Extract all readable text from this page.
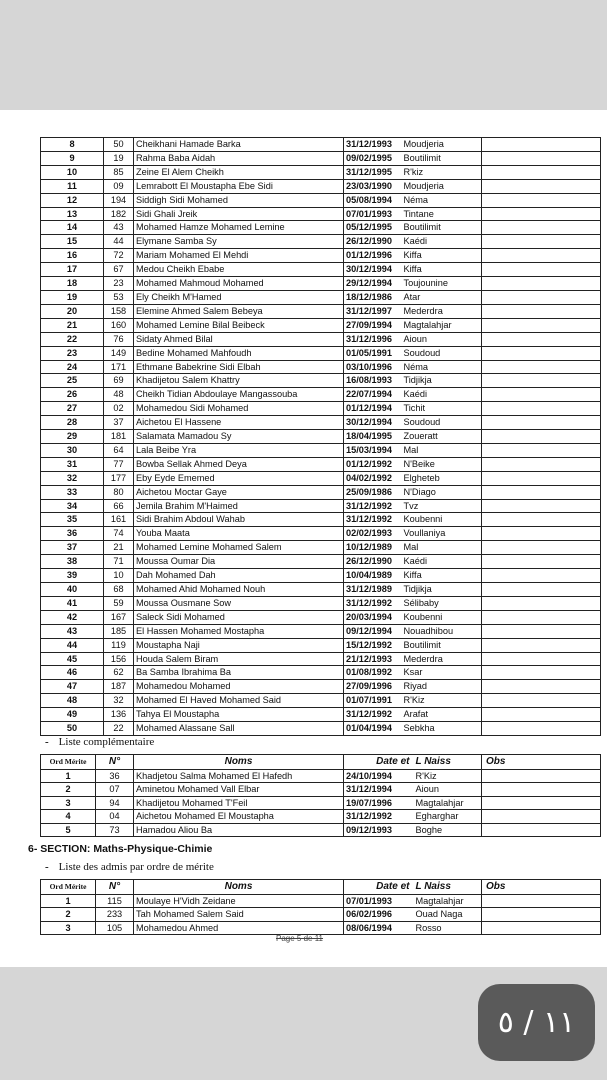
8	50	Cheikhani Hamade Barka	31/12/1993	Moudjeria	
9	19	Rahma Baba Aidah	09/02/1995	Boutilimit	
10	85	Zeine El Alem Cheikh	31/12/1995	R'kiz	
11	09	Lemrabott El Moustapha Ebe Sidi	23/03/1990	Moudjeria	
12	194	Siddigh Sidi Mohamed	05/08/1994	Néma	
13	182	Sidi Ghali Jreik	07/01/1993	Tintane	
14	43	Mohamed Hamze Mohamed Lemine	05/12/1995	Boutilimit	
15	44	Elymane Samba Sy	26/12/1990	Kaédi	
16	72	Mariam Mohamed El Mehdi	01/12/1996	Kiffa	
17	67	Medou Cheikh Ebabe	30/12/1994	Kiffa	
18	23	Mohamed Mahmoud Mohamed	29/12/1994	Toujounine	
19	53	Ely Cheikh M'Hamed	18/12/1986	Atar	
20	158	Elemine Ahmed Salem Bebeya	31/12/1997	Mederdra	
21	160	Mohamed Lemine Bilal Beibeck	27/09/1994	Magtalahjar	
22	76	Sidaty Ahmed Bilal	31/12/1996	Aioun	
23	149	Bedine Mohamed Mahfoudh	01/05/1991	Soudoud	
24	171	Ethmane Babekrine Sidi Elbah	03/10/1996	Néma	
25	69	Khadijetou Salem Khattry	16/08/1993	Tidjikja	
26	48	Cheikh Tidian Abdoulaye Mangassouba	22/07/1994	Kaédi	
27	02	Mohamedou Sidi Mohamed	01/12/1994	Tichit	
28	37	Aichetou El Hassene	30/12/1994	Soudoud	
29	181	Salamata Mamadou Sy	18/04/1995	Zoueratt	
30	64	Lala Beibe Yra	15/03/1994	Mal	
31	77	Bowba Sellak Ahmed Deya	01/12/1992	N'Beike	
32	177	Eby Eyde Ememed	04/02/1992	Elgheteb	
33	80	Aichetou Moctar Gaye	25/09/1986	N'Diago	
34	66	Jemila Brahim M'Haimed	31/12/1992	Tvz	
35	161	Sidi Brahim Abdoul Wahab	31/12/1992	Koubenni	
36	74	Youba Maata	02/02/1993	Voullaniya	
37	21	Mohamed Lemine Mohamed Salem	10/12/1989	Mal	
38	71	Moussa Oumar Dia	26/12/1990	Kaédi	
39	10	Dah Mohamed Dah	10/04/1989	Kiffa	
40	68	Mohamed Ahid Mohamed Nouh	31/12/1989	Tidjikja	
41	59	Moussa Ousmane Sow	31/12/1992	Sélibaby	
42	167	Saleck Sidi Mohamed	20/03/1994	Koubenni	
43	185	El Hassen Mohamed Mostapha	09/12/1994	Nouadhibou	
44	119	Moustapha Naji	15/12/1992	Boutilimit	
45	156	Houda Salem Biram	21/12/1993	Mederdra	
46	62	Ba Samba Ibrahima Ba	01/08/1992	Ksar	
47	187	Mohamedou Mohamed	27/09/1996	Riyad	
48	32	Mohamed El Haved Mohamed Said	01/07/1991	R'Kiz	
49	136	Tahya El Moustapha	31/12/1992	Arafat	
50	22	Mohamed Alassane Sall	01/04/1994	Sebkha	
- Liste complémentaire
Ord Mérite	N°	Noms	Date et	L Naiss	Obs
1	36	Khadjetou Salma Mohamed El Hafedh	24/10/1994	R'Kiz	
2	07	Aminetou Mohamed Vall Elbar	31/12/1994	Aioun	
3	94	Khadijetou Mohamed T'Feil	19/07/1996	Magtalahjar	
4	04	Aichetou Mohamed El Moustapha	31/12/1992	Egharghar	
5	73	Hamadou Aliou Ba	09/12/1993	Boghe	
6- SECTION: Maths-Physique-Chimie
- Liste des admis par ordre de mérite
Ord Mérite	N°	Noms	Date et	L Naiss	Obs
1	115	Moulaye H'Vidh Zeidane	07/01/1993	Magtalahjar	
2	233	Tah Mohamed Salem Said	06/02/1996	Ouad Naga	
3	105	Mohamedou Ahmed	08/06/1994	Rosso	
Page 5 de 11
١١ / ٥
